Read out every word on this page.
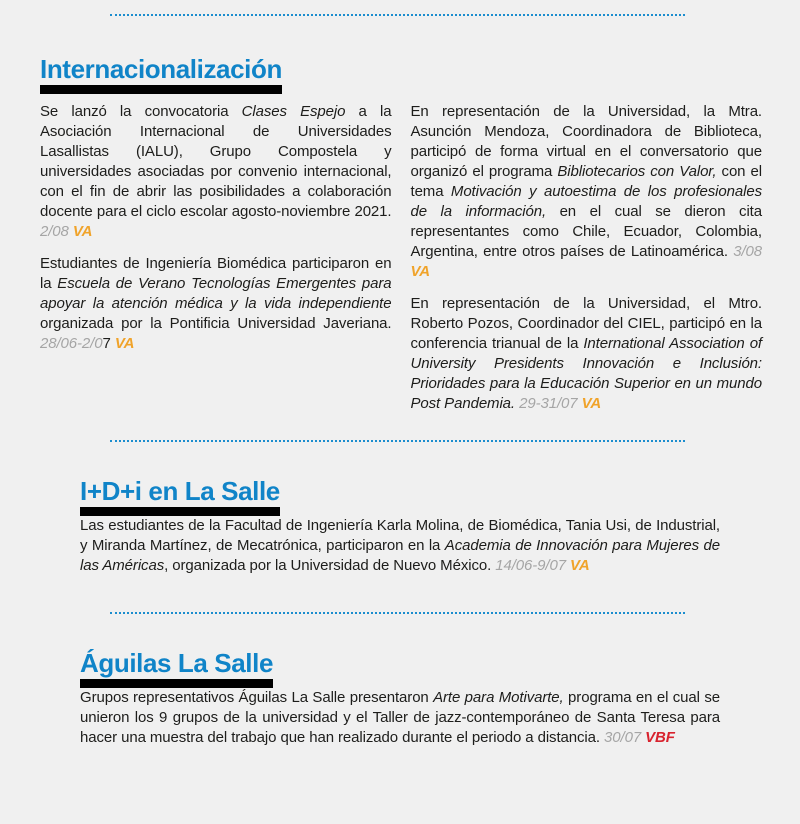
Internacionalización

Se lanzó la convocatoria Clases Espejo a la Asociación Internacional de Universidades Lasallistas (IALU), Grupo Compostela y universidades asociadas por convenio internacional, con el fin de abrir las posibilidades a colaboración docente para el ciclo escolar agosto-noviembre 2021. 2/08 VA

Estudiantes de Ingeniería Biomédica participaron en la Escuela de Verano Tecnologías Emergentes para apoyar la atención médica y la vida independiente organizada por la Pontificia Universidad Javeriana. 28/06-2/07 VA

En representación de la Universidad, la Mtra. Asunción Mendoza, Coordinadora de Biblioteca, participó de forma virtual en el conversatorio que organizó el programa Bibliotecarios con Valor, con el tema Motivación y autoestima de los profesionales de la información, en el cual se dieron cita representantes como Chile, Ecuador, Colombia, Argentina, entre otros países de Latinoamérica. 3/08 VA

En representación de la Universidad, el Mtro. Roberto Pozos, Coordinador del CIEL, participó en la conferencia trianual de la International Association of University Presidents Innovación e Inclusión: Prioridades para la Educación Superior en un mundo Post Pandemia. 29-31/07 VA

I+D+i en La Salle

Las estudiantes de la Facultad de Ingeniería Karla Molina, de Biomédica, Tania Usi, de Industrial, y Miranda Martínez, de Mecatrónica, participaron en la Academia de Innovación para Mujeres de las Américas, organizada por la Universidad de Nuevo México. 14/06-9/07 VA

Águilas La Salle

Grupos representativos Águilas La Salle presentaron Arte para Motivarte, programa en el cual se unieron los 9 grupos de la universidad y el Taller de jazz-contemporáneo de Santa Teresa para hacer una muestra del trabajo que han realizado durante el periodo a distancia. 30/07 VBF
